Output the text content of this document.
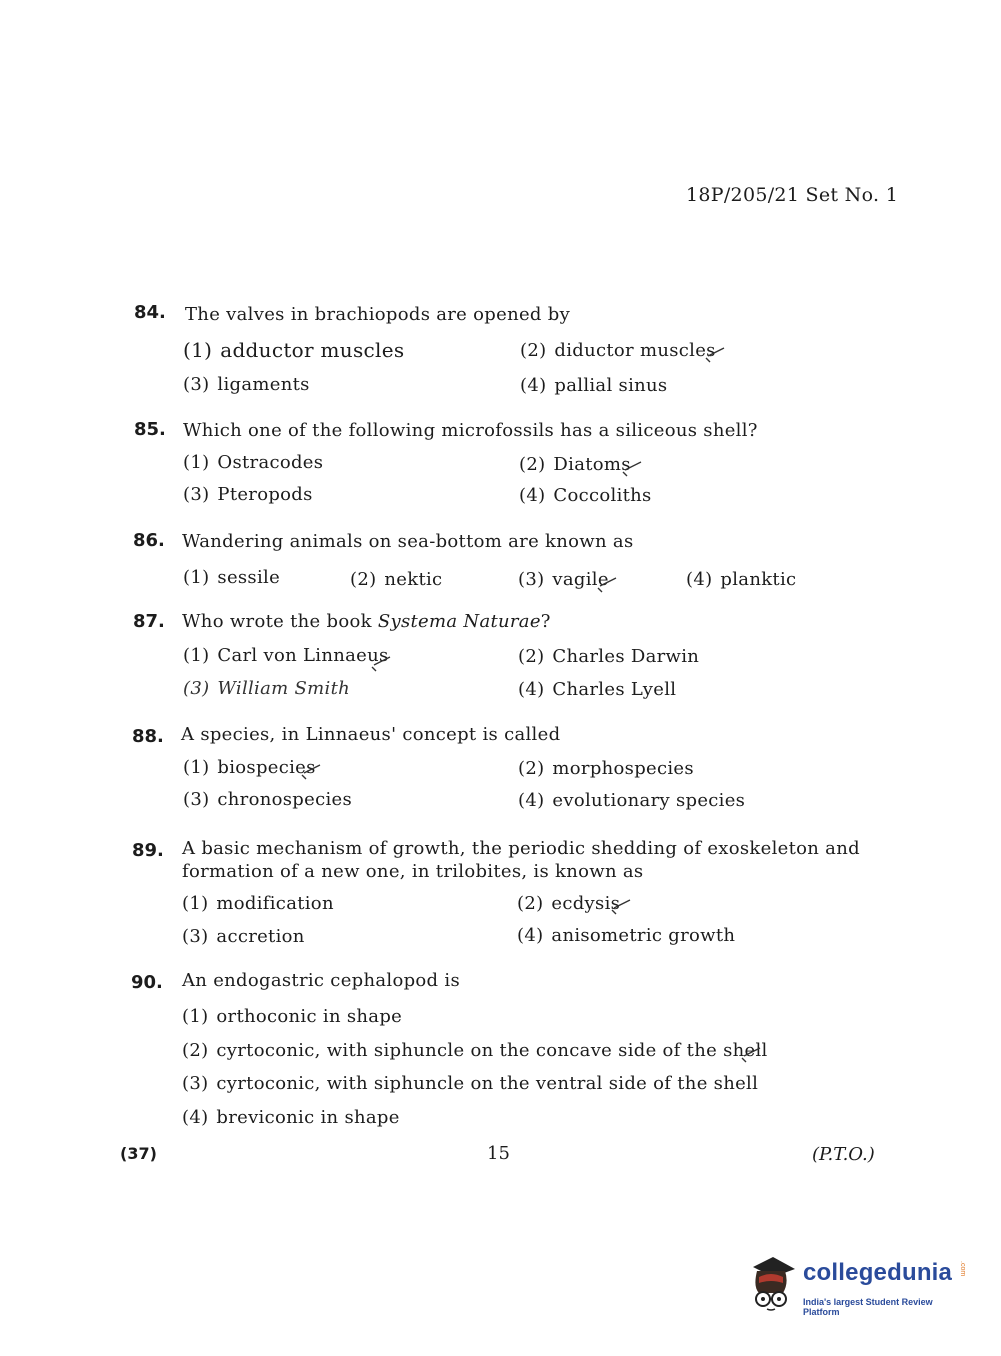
18P/205/21 Set No. 1
84. The valves in brachiopods are opened by
(1) adductor muscles	(2) diductor muscles
(3) ligaments	(4) pallial sinus
85. Which one of the following microfossils has a siliceous shell?
(1) Ostracodes	(2) Diatoms
(3) Pteropods	(4) Coccoliths
86. Wandering animals on sea-bottom are known as
(1) sessile	(2) nektic	(3) vagile	(4) planktic
87. Who wrote the book Systema Naturae?
(1) Carl von Linnaeus	(2) Charles Darwin
(3) William Smith	(4) Charles Lyell
88. A species, in Linnaeus' concept is called
(1) biospecies	(2) morphospecies
(3) chronospecies	(4) evolutionary species
89. A basic mechanism of growth, the periodic shedding of exoskeleton and
formation of a new one, in trilobites, is known as
(1) modification	(2) ecdysis
(3) accretion	(4) anisometric growth
90. An endogastric cephalopod is
(1) orthoconic in shape
(2) cyrtoconic, with siphuncle on the concave side of the shell
(3) cyrtoconic, with siphuncle on the ventral side of the shell
(4) breviconic in shape
(37)	15	(P.T.O.)
collegedunia .com
India's largest Student Review Platform
